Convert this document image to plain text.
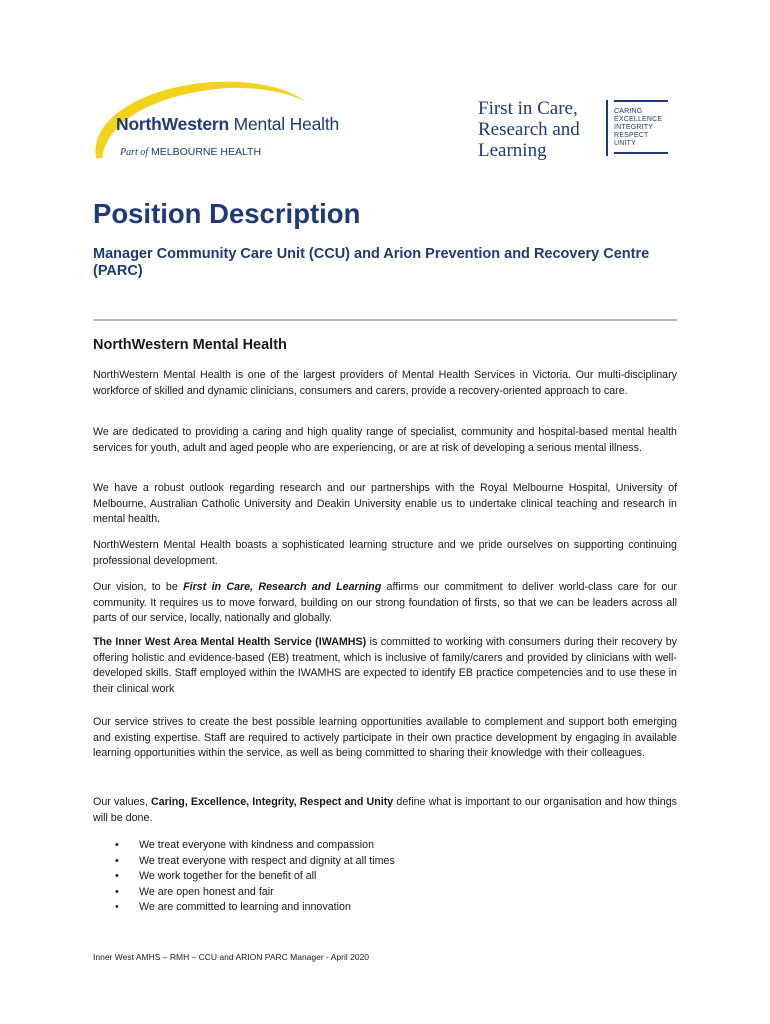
NorthWestern Mental Health
Part of MELBOURNE HEALTH
First in Care,
Research and
Learning
CARING
EXCELLENCE
INTEGRITY
RESPECT
UNITY
Position Description
Manager Community Care Unit (CCU) and Arion Prevention and Recovery Centre (PARC)
NorthWestern Mental Health
NorthWestern Mental Health is one of the largest providers of Mental Health Services in Victoria. Our multi-disciplinary workforce of skilled and dynamic clinicians, consumers and carers, provide a recovery-oriented approach to care.
We are dedicated to providing a caring and high quality range of specialist, community and hospital-based mental health services for youth, adult and aged people who are experiencing, or are at risk of developing a serious mental illness.
We have a robust outlook regarding research and our partnerships with the Royal Melbourne Hospital, University of Melbourne, Australian Catholic University and Deakin University enable us to undertake clinical teaching and research in mental health.
NorthWestern Mental Health boasts a sophisticated learning structure and we pride ourselves on supporting continuing professional development.
Our vision, to be First in Care, Research and Learning affirms our commitment to deliver world-class care for our community. It requires us to move forward, building on our strong foundation of firsts, so that we can be leaders across all parts of our service, locally, nationally and globally.
The Inner West Area Mental Health Service (IWAMHS) is committed to working with consumers during their recovery by offering holistic and evidence-based (EB) treatment, which is inclusive of family/carers and provided by clinicians with well-developed skills. Staff employed within the IWAMHS are expected to identify EB practice competencies and to use these in their clinical work
Our service strives to create the best possible learning opportunities available to complement and support both emerging and existing expertise. Staff are required to actively participate in their own practice development by engaging in available learning opportunities within the service, as well as being committed to sharing their knowledge with their colleagues.
Our values, Caring, Excellence, Integrity, Respect and Unity define what is important to our organisation and how things will be done.
• We treat everyone with kindness and compassion
• We treat everyone with respect and dignity at all times
• We work together for the benefit of all
• We are open honest and fair
• We are committed to learning and innovation
Inner West AMHS – RMH – CCU and ARION PARC Manager - April 2020
